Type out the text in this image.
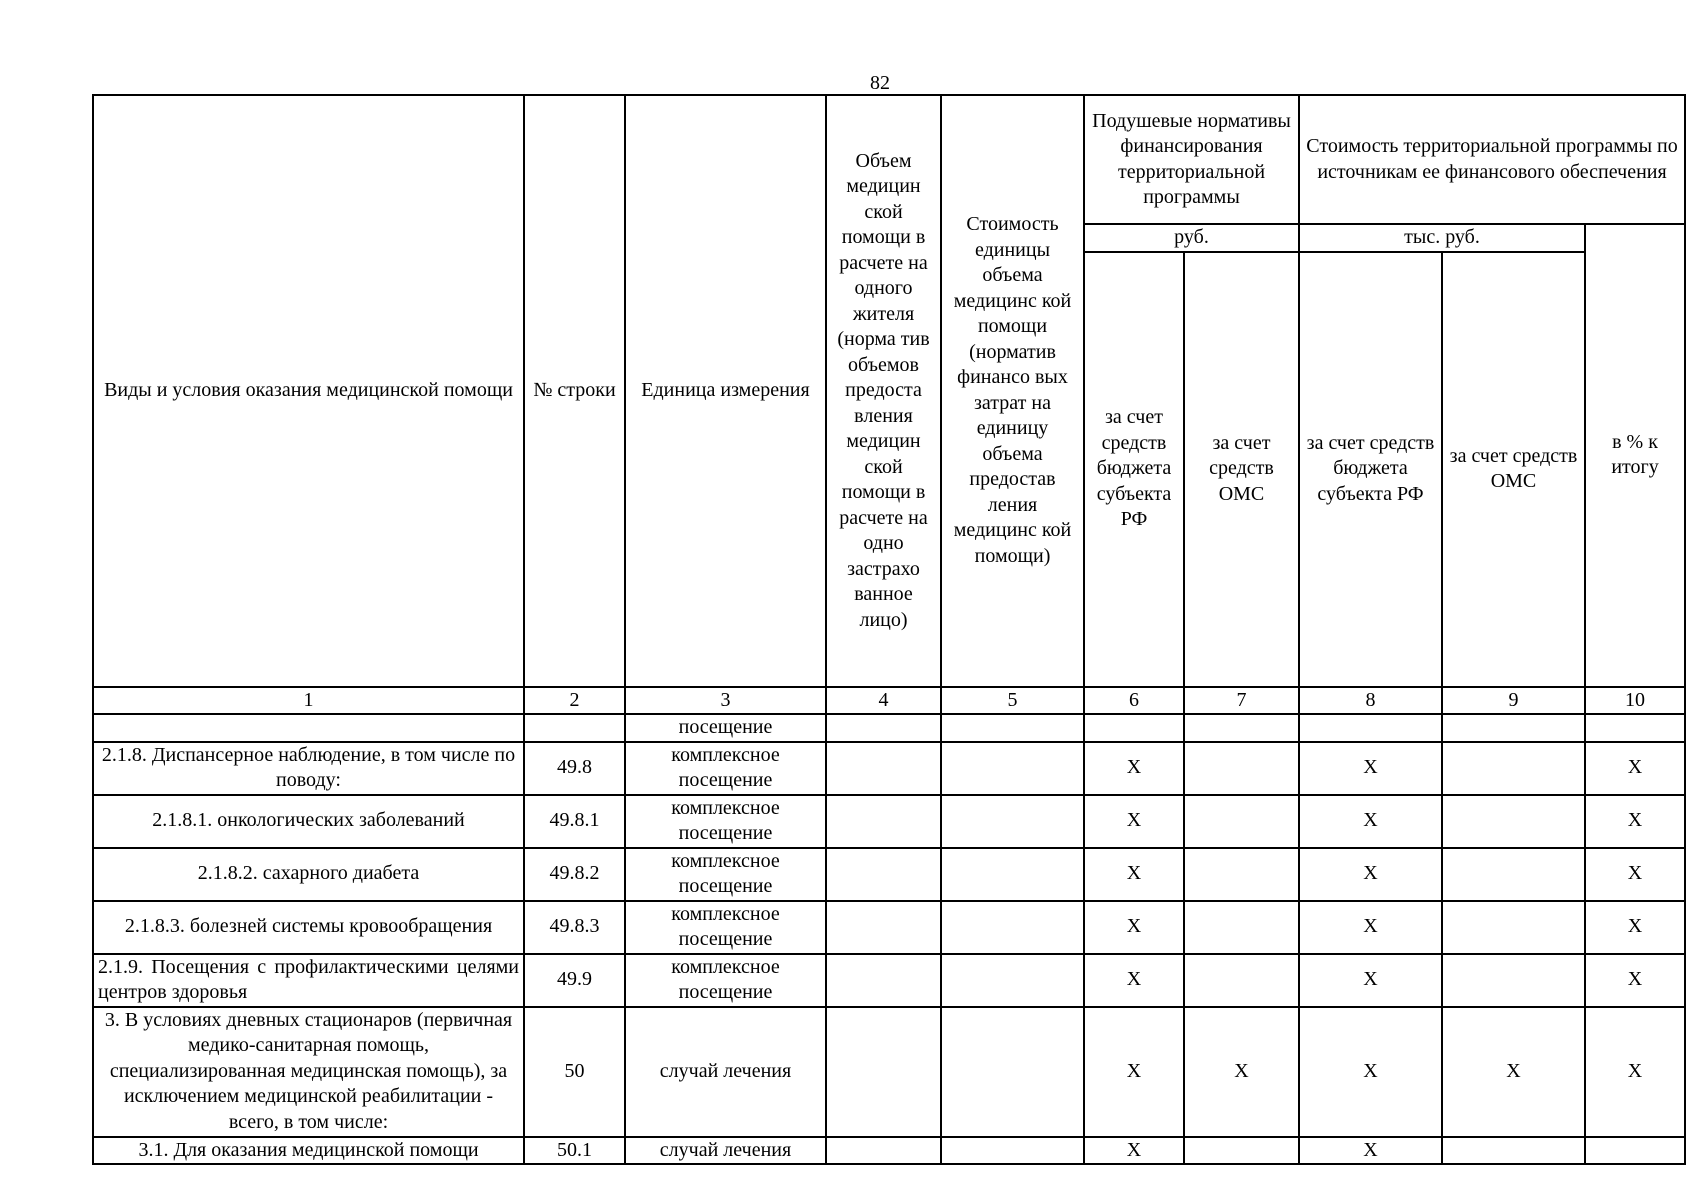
82
Виды и условия оказания медицинской помощи	№ строки	Единица измерения	Объем медицин ской помощи в расчете на одного жителя (норма тив объемов предоста вления медицин ской помощи в расчете на одно застрахо ванное лицо)	Стоимость единицы объема медицинс кой помощи (норматив финансо вых затрат на единицу объема предостав ления медицинс кой помощи)	Подушевые нормативы финансирования территориальной программы		Стоимость территориальной программы по источникам ее финансового обеспечения		
					руб.		тыс. руб.		в % к итогу
					за счет средств бюджета субъекта РФ	за счет средств ОМС	за счет средств бюджета субъекта РФ	за счет средств ОМС	

1	2	3	4	5	6	7	8	9	10
		посещение							
2.1.8. Диспансерное наблюдение, в том числе по поводу:	49.8	комплексное посещение			X		X		X
2.1.8.1. онкологических заболеваний	49.8.1	комплексное посещение			X		X		X
2.1.8.2. сахарного диабета	49.8.2	комплексное посещение			X		X		X
2.1.8.3. болезней системы кровообращения	49.8.3	комплексное посещение			X		X		X
2.1.9. Посещения с профилактическими целями центров здоровья	49.9	комплексное посещение			X		X		X
3. В условиях дневных стационаров (первичная медико-санитарная помощь, специализированная медицинская помощь), за исключением медицинской реабилитации - всего, в том числе:	50	случай лечения			X	X	X	X	X
3.1. Для оказания медицинской помощи	50.1	случай лечения			X		X		
